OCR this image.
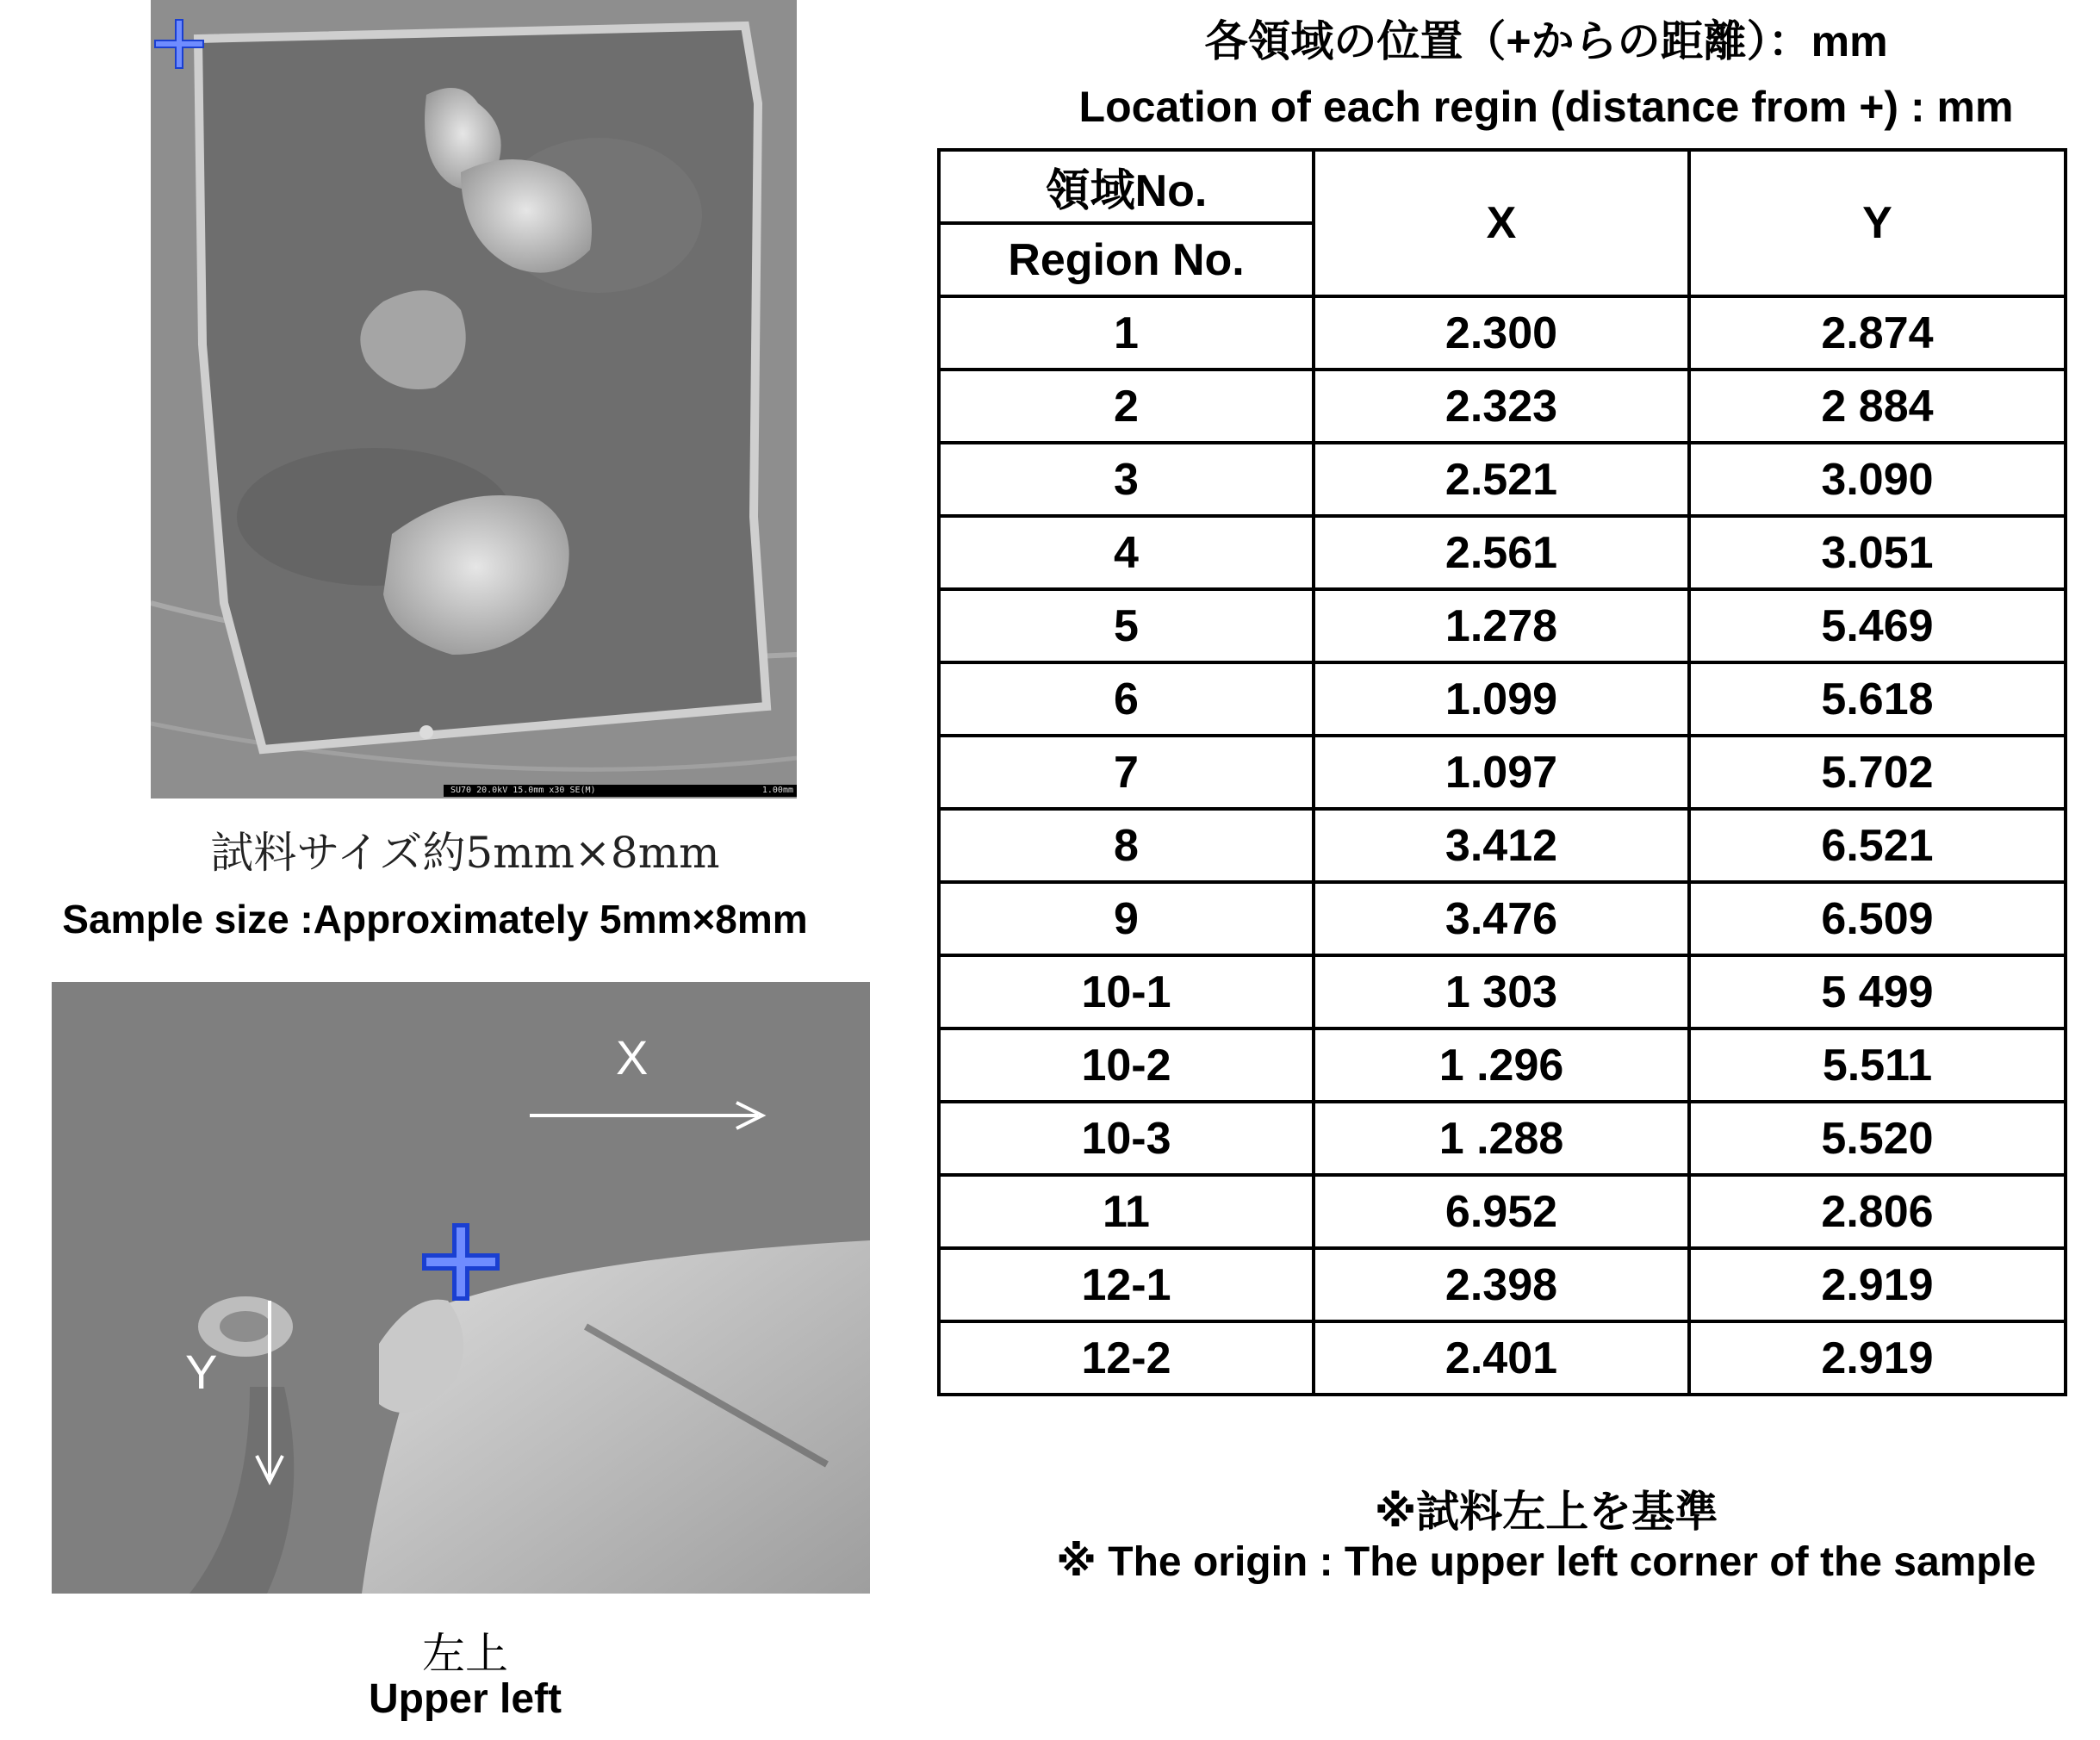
SU70 20.0kV 15.0mm x30 SE(M)	1.00mm
試料サイズ約5mm×8mm
Sample size :Approximately 5mm×8mm
X
Y
左上
Upper left
各領域の位置（+からの距離）：mm
Location of each regin (distance from +) : mm
領域No.	X	Y
Region No.		
1	2.300	2.874
2	2.323	2 884
3	2.521	3.090
4	2.561	3.051
5	1.278	5.469
6	1.099	5.618
7	1.097	5.702
8	3.412	6.521
9	3.476	6.509
10-1	1 303	5 499
10-2	1 .296	5.511
10-3	1 .288	5.520
11	6.952	2.806
12-1	2.398	2.919
12-2	2.401	2.919
※試料左上を基準
※ The origin : The upper left corner of the sample
